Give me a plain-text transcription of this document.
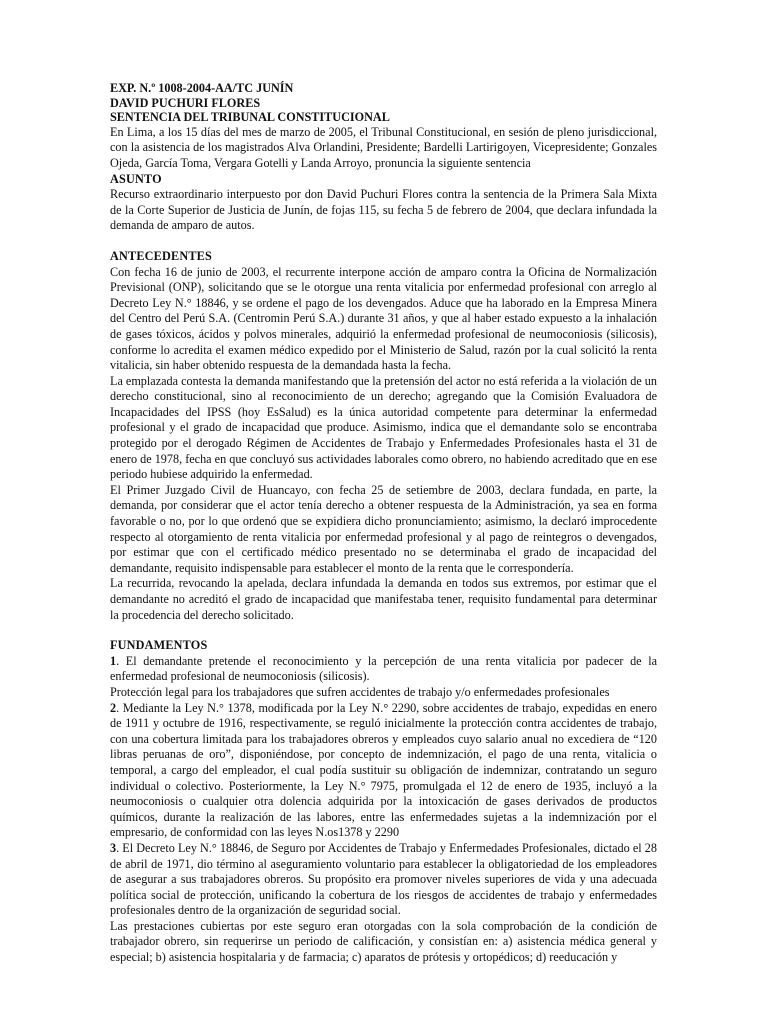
EXP. N.º 1008-2004-AA/TC JUNÍN

DAVID PUCHURI FLORES

SENTENCIA DEL TRIBUNAL CONSTITUCIONAL

En Lima, a los 15 días del mes de marzo de 2005, el Tribunal Constitucional, en sesión de pleno jurisdiccional, con la asistencia de los magistrados Alva Orlandini, Presidente; Bardelli Lartirigoyen, Vicepresidente; Gonzales Ojeda, García Toma, Vergara Gotelli y Landa Arroyo, pronuncia la siguiente sentencia

ASUNTO

Recurso extraordinario interpuesto por don David Puchuri Flores contra la sentencia de la Primera Sala Mixta de la Corte Superior de Justicia de Junín, de fojas 115, su fecha 5 de febrero de 2004, que declara infundada la demanda de amparo de autos.

ANTECEDENTES

Con fecha 16 de junio de 2003, el recurrente interpone acción de amparo contra la Oficina de Normalización Previsional (ONP), solicitando que se le otorgue una renta vitalicia por enfermedad profesional con arreglo al Decreto Ley N.° 18846, y se ordene el pago de los devengados. Aduce que ha laborado en la Empresa Minera del Centro del Perú S.A. (Centromin Perú S.A.) durante 31 años, y que al haber estado expuesto a la inhalación de gases tóxicos, ácidos y polvos minerales, adquirió la enfermedad profesional de neumoconiosis (silicosis), conforme lo acredita el examen médico expedido por el Ministerio de Salud, razón por la cual solicitó la renta vitalicia, sin haber obtenido respuesta de la demandada hasta la fecha.

La emplazada contesta la demanda manifestando que la pretensión del actor no está referida a la violación de un derecho constitucional, sino al reconocimiento de un derecho; agregando que la Comisión Evaluadora de Incapacidades del IPSS (hoy EsSalud) es la única autoridad competente para determinar la enfermedad profesional y el grado de incapacidad que produce. Asimismo, indica que el demandante solo se encontraba protegido por el derogado Régimen de Accidentes de Trabajo y Enfermedades Profesionales hasta el 31 de enero de 1978, fecha en que concluyó sus actividades laborales como obrero, no habiendo acreditado que en ese periodo hubiese adquirido la enfermedad.

El Primer Juzgado Civil de Huancayo, con fecha 25 de setiembre de 2003, declara fundada, en parte, la demanda, por considerar que el actor tenía derecho a obtener respuesta de la Administración, ya sea en forma favorable o no, por lo que ordenó que se expidiera dicho pronunciamiento; asimismo, la declaró improcedente respecto al otorgamiento de renta vitalicia por enfermedad profesional y al pago de reintegros o devengados, por estimar que con el certificado médico presentado no se determinaba el grado de incapacidad del demandante, requisito indispensable para establecer el monto de la renta que le correspondería.

La recurrida, revocando la apelada, declara infundada la demanda en todos sus extremos, por estimar que el demandante no acreditó el grado de incapacidad que manifestaba tener, requisito fundamental para determinar la procedencia del derecho solicitado.

FUNDAMENTOS

1. El demandante pretende el reconocimiento y la percepción de una renta vitalicia por padecer de la enfermedad profesional de neumoconiosis (silicosis).

Protección legal para los trabajadores que sufren accidentes de trabajo y/o enfermedades profesionales

2. Mediante la Ley N.° 1378, modificada por la Ley N.° 2290, sobre accidentes de trabajo, expedidas en enero de 1911 y octubre de 1916, respectivamente, se reguló inicialmente la protección contra accidentes de trabajo, con una cobertura limitada para los trabajadores obreros y empleados cuyo salario anual no excediera de “120 libras peruanas de oro”, disponiéndose, por concepto de indemnización, el pago de una renta, vitalicia o temporal, a cargo del empleador, el cual podía sustituir su obligación de indemnizar, contratando un seguro individual o colectivo. Posteriormente, la Ley N.° 7975, promulgada el 12 de enero de 1935, incluyó a la neumoconiosis o cualquier otra dolencia adquirida por la intoxicación de gases derivados de productos químicos, durante la realización de las labores, entre las enfermedades sujetas a la indemnización por el empresario, de conformidad con las leyes N.os1378 y 2290

3. El Decreto Ley N.° 18846, de Seguro por Accidentes de Trabajo y Enfermedades Profesionales, dictado el 28 de abril de 1971, dio término al aseguramiento voluntario para establecer la obligatoriedad de los empleadores de asegurar a sus trabajadores obreros. Su propósito era promover niveles superiores de vida y una adecuada política social de protección, unificando la cobertura de los riesgos de accidentes de trabajo y enfermedades profesionales dentro de la organización de seguridad social.

Las prestaciones cubiertas por este seguro eran otorgadas con la sola comprobación de la condición de trabajador obrero, sin requerirse un periodo de calificación, y consistían en: a) asistencia médica general y especial; b) asistencia hospitalaria y de farmacia; c) aparatos de prótesis y ortopédicos; d) reeducación y
